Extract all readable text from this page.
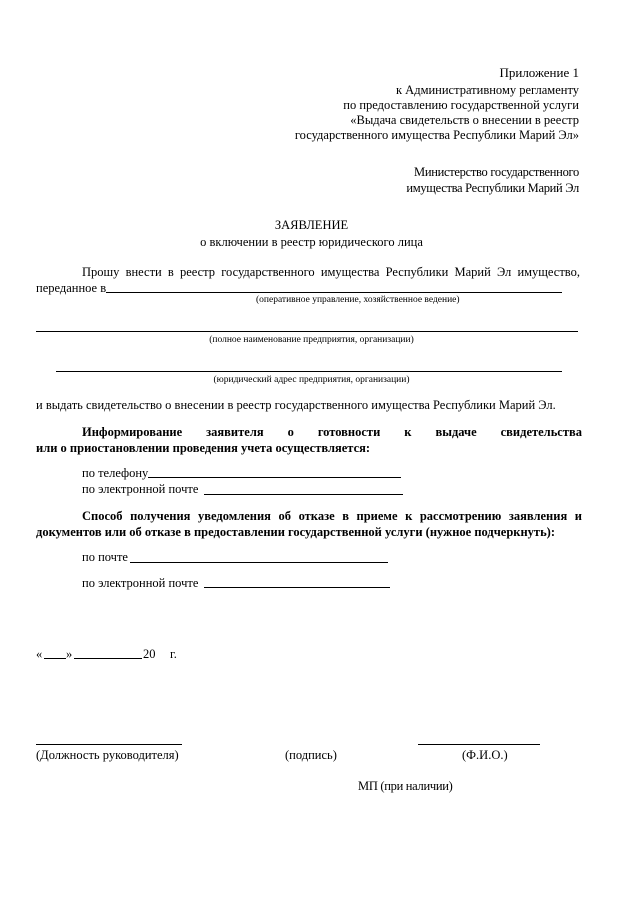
Приложение 1
к Административному регламенту
по предоставлению государственной услуги
«Выдача свидетельств о внесении в реестр
государственного имущества Республики Марий Эл»
Министерство государственного
имущества Республики Марий Эл
ЗАЯВЛЕНИЕ
о включении в реестр юридического лица
Прошу внести в реестр государственного имущества Республики Марий Эл имущество,
переданное в
(оперативное управление, хозяйственное ведение)
(полное наименование предприятия, организации)
(юридический адрес предприятия, организации)
и выдать свидетельство о внесении в реестр государственного имущества Республики Марий Эл.
Информирование заявителя о готовности к выдаче свидетельства
или о приостановлении проведения учета осуществляется:
по телефону
по электронной почте
Способ получения уведомления об отказе в приеме к рассмотрению заявления и
документов или об отказе в предоставлении государственной услуги (нужное подчеркнуть):
по почте
по электронной почте
« »	20 г.
(Должность руководителя)	(подпись)	(Ф.И.О.)
МП (при наличии)
